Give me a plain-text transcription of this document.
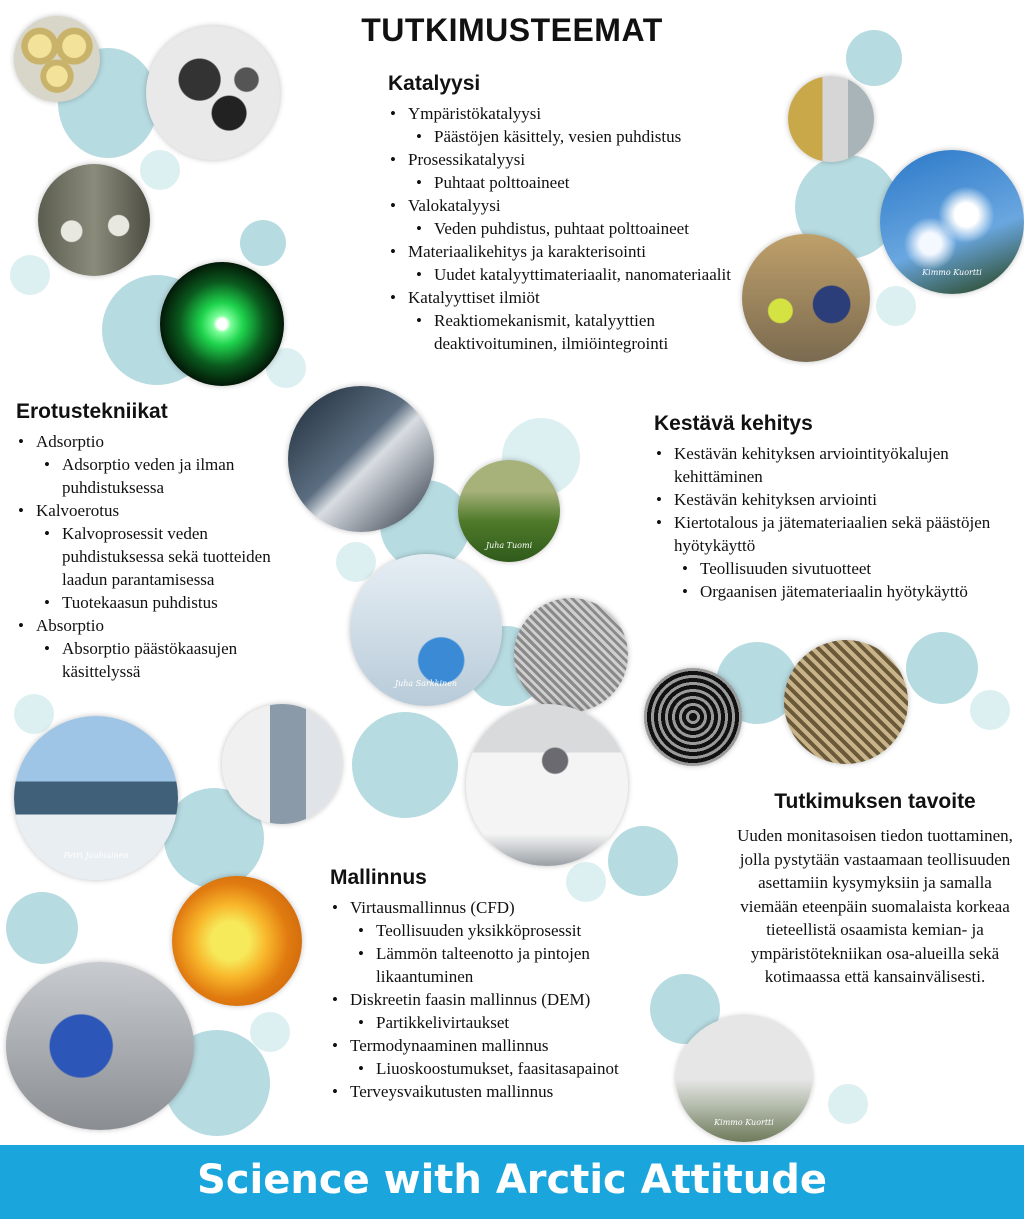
Kimmo Kuortti
Juha Tuomi
Juha Sarkkinen
Petri Jauhiainen
Kimmo Kuortti
TUTKIMUSTEEMAT
Katalyysi
• Ympäristökatalyysi
• Päästöjen käsittely, vesien puhdistus
• Prosessikatalyysi
• Puhtaat polttoaineet
• Valokatalyysi
• Veden puhdistus, puhtaat polttoaineet
• Materiaalikehitys ja karakterisointi
• Uudet katalyyttimateriaalit, nanomateriaalit
• Katalyyttiset ilmiöt
• Reaktiomekanismit, katalyyttien deaktivoituminen, ilmiöintegrointi
Erotustekniikat
• Adsorptio
• Adsorptio veden ja ilman puhdistuksessa
• Kalvoerotus
• Kalvoprosessit veden puhdistuksessa sekä tuotteiden laadun parantamisessa
• Tuotekaasun puhdistus
• Absorptio
• Absorptio päästökaasujen käsittelyssä
Kestävä kehitys
• Kestävän kehityksen arviointityökalujen kehittäminen
• Kestävän kehityksen arviointi
• Kiertotalous ja jätemateriaalien sekä päästöjen hyötykäyttö
• Teollisuuden sivutuotteet
• Orgaanisen jätemateriaalin hyötykäyttö
Mallinnus
• Virtausmallinnus (CFD)
• Teollisuuden yksikköprosessit
• Lämmön talteenotto ja pintojen likaantuminen
• Diskreetin faasin mallinnus (DEM)
• Partikkelivirtaukset
• Termodynaaminen mallinnus
• Liuoskoostumukset, faasitasapainot
• Terveysvaikutusten mallinnus
Tutkimuksen tavoite

Uuden monitasoisen tiedon tuottaminen, jolla pystytään vastaamaan teollisuuden asettamiin kysymyksiin ja samalla viemään eteenpäin suomalaista korkeaa tieteellistä osaamista kemian- ja ympäristötekniikan osa-alueilla sekä kotimaassa että kansainvälisesti.

Science with Arctic Attitude
